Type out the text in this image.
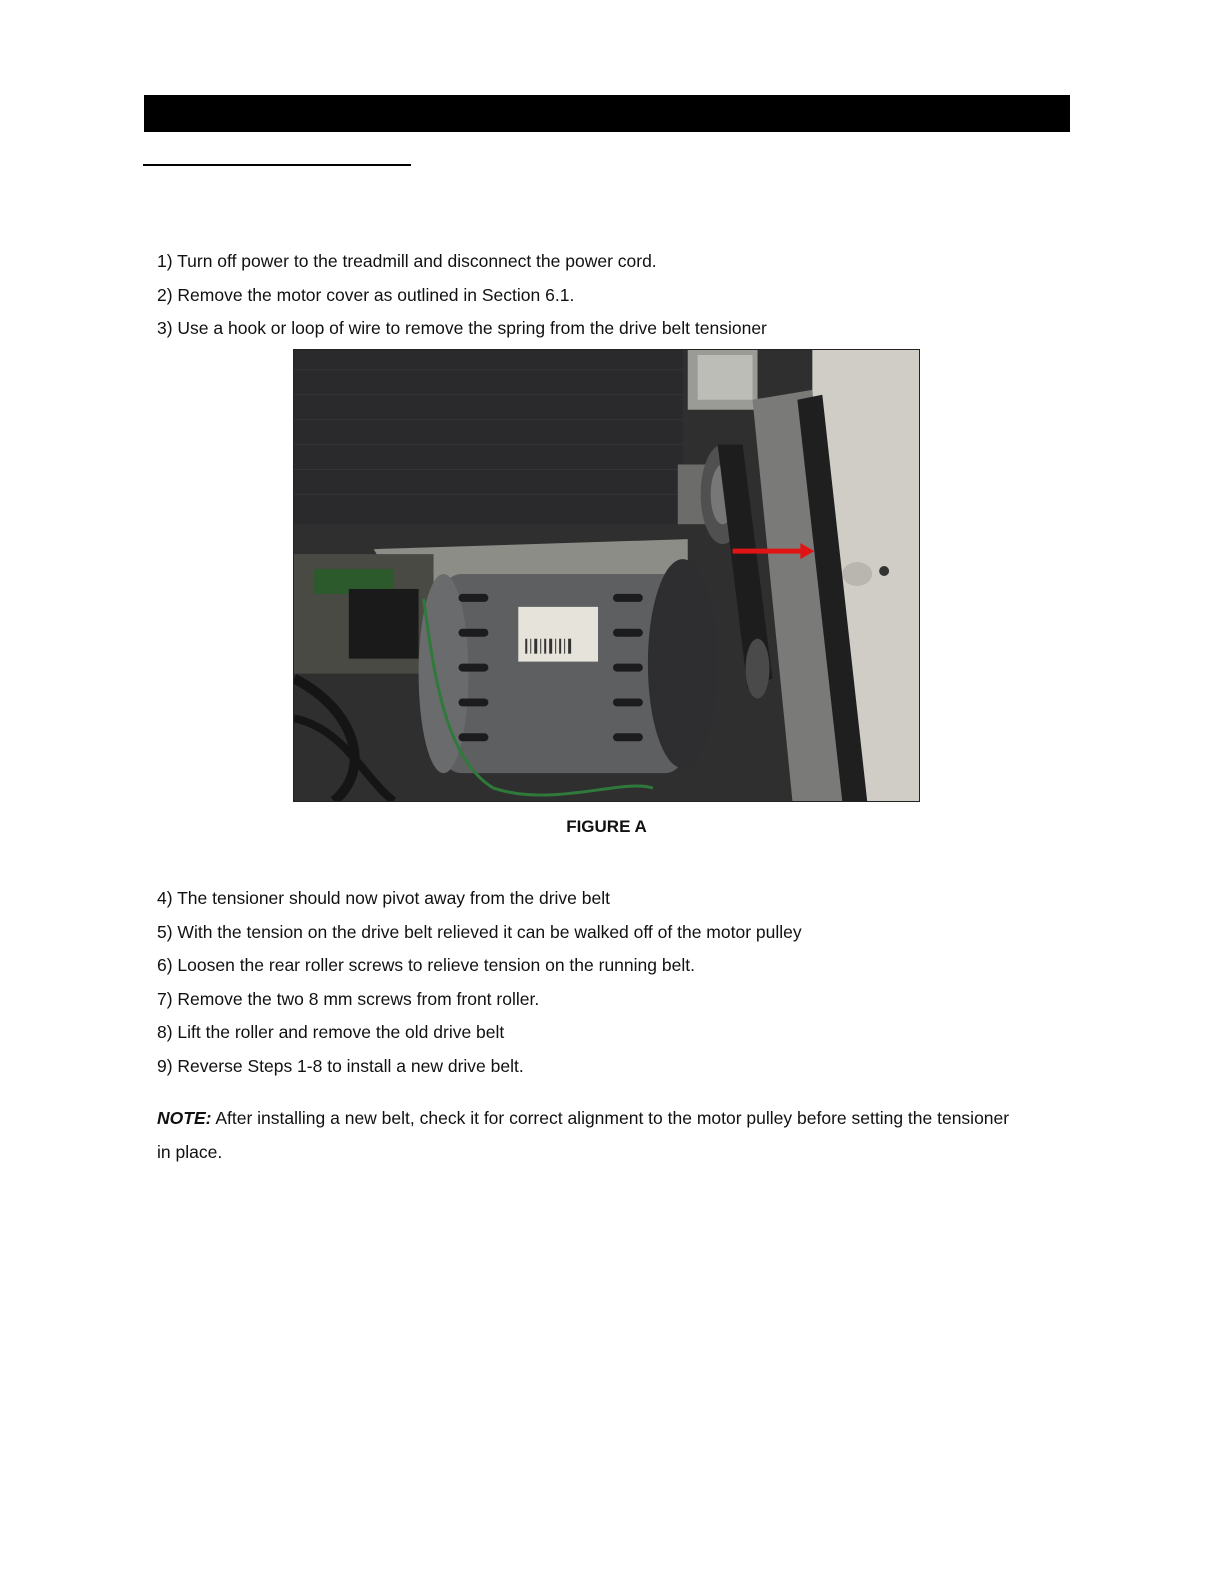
1) Turn off power to the treadmill and disconnect the power cord.
2) Remove the motor cover as outlined in Section 6.1.
3) Use a hook or loop of wire to remove the spring from the drive belt tensioner
FIGURE A
4) The tensioner should now pivot away from the drive belt
5) With the tension on the drive belt relieved it can be walked off of the motor pulley
6) Loosen the rear roller screws to relieve tension on the running belt.
7) Remove the two 8 mm screws from front roller.
8) Lift the roller and remove the old drive belt
9) Reverse Steps 1-8 to install a new drive belt.

NOTE: After installing a new belt, check it for correct alignment to the motor pulley before setting the tensioner in place.
